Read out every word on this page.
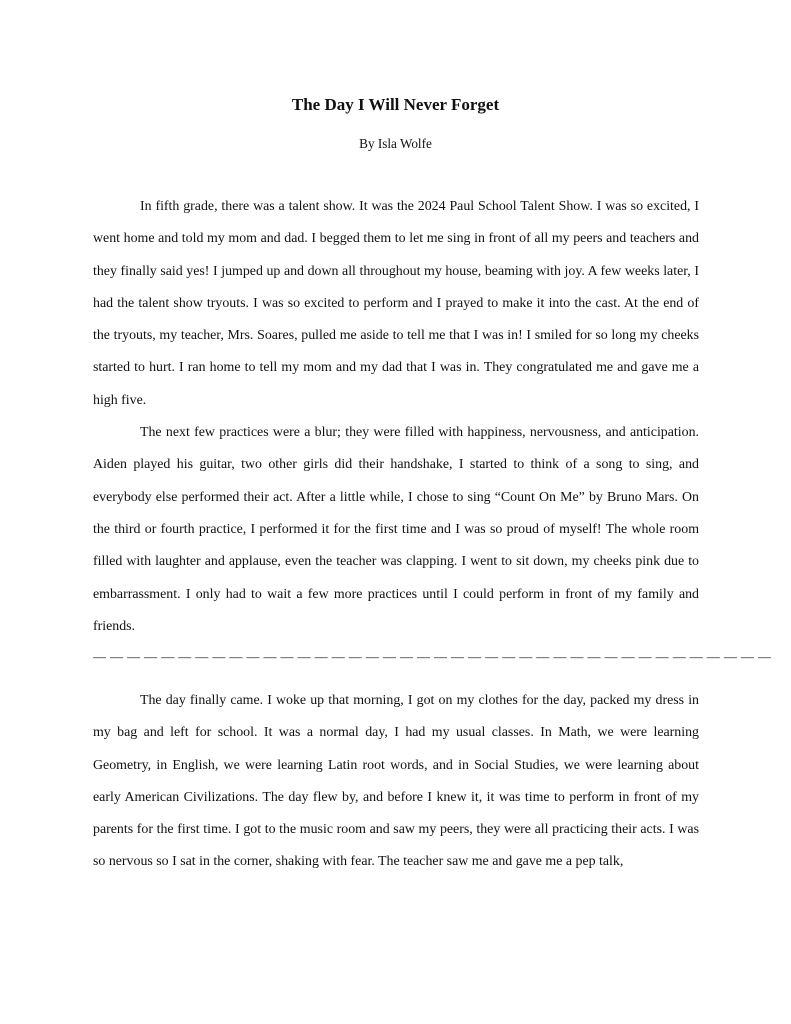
The Day I Will Never Forget
By Isla Wolfe

In fifth grade, there was a talent show. It was the 2024 Paul School Talent Show. I was so excited, I went home and told my mom and dad. I begged them to let me sing in front of all my peers and teachers and they finally said yes! I jumped up and down all throughout my house, beaming with joy. A few weeks later, I had the talent show tryouts. I was so excited to perform and I prayed to make it into the cast. At the end of the tryouts, my teacher, Mrs. Soares, pulled me aside to tell me that I was in! I smiled for so long my cheeks started to hurt. I ran home to tell my mom and my dad that I was in. They congratulated me and gave me a high five.

The next few practices were a blur; they were filled with happiness, nervousness, and anticipation. Aiden played his guitar, two other girls did their handshake, I started to think of a song to sing, and everybody else performed their act. After a little while, I chose to sing “Count On Me” by Bruno Mars. On the third or fourth practice, I performed it for the first time and I was so proud of myself! The whole room filled with laughter and applause, even the teacher was clapping. I went to sit down, my cheeks pink due to embarrassment. I only had to wait a few more practices until I could perform in front of my family and friends.

— — — — — — — — — — — — — — — — — — — — — — — — — — — — — — — — — — — — — — — —

The day finally came. I woke up that morning, I got on my clothes for the day, packed my dress in my bag and left for school. It was a normal day, I had my usual classes. In Math, we were learning Geometry, in English, we were learning Latin root words, and in Social Studies, we were learning about early American Civilizations. The day flew by, and before I knew it, it was time to perform in front of my parents for the first time. I got to the music room and saw my peers, they were all practicing their acts. I was so nervous so I sat in the corner, shaking with fear. The teacher saw me and gave me a pep talk,
